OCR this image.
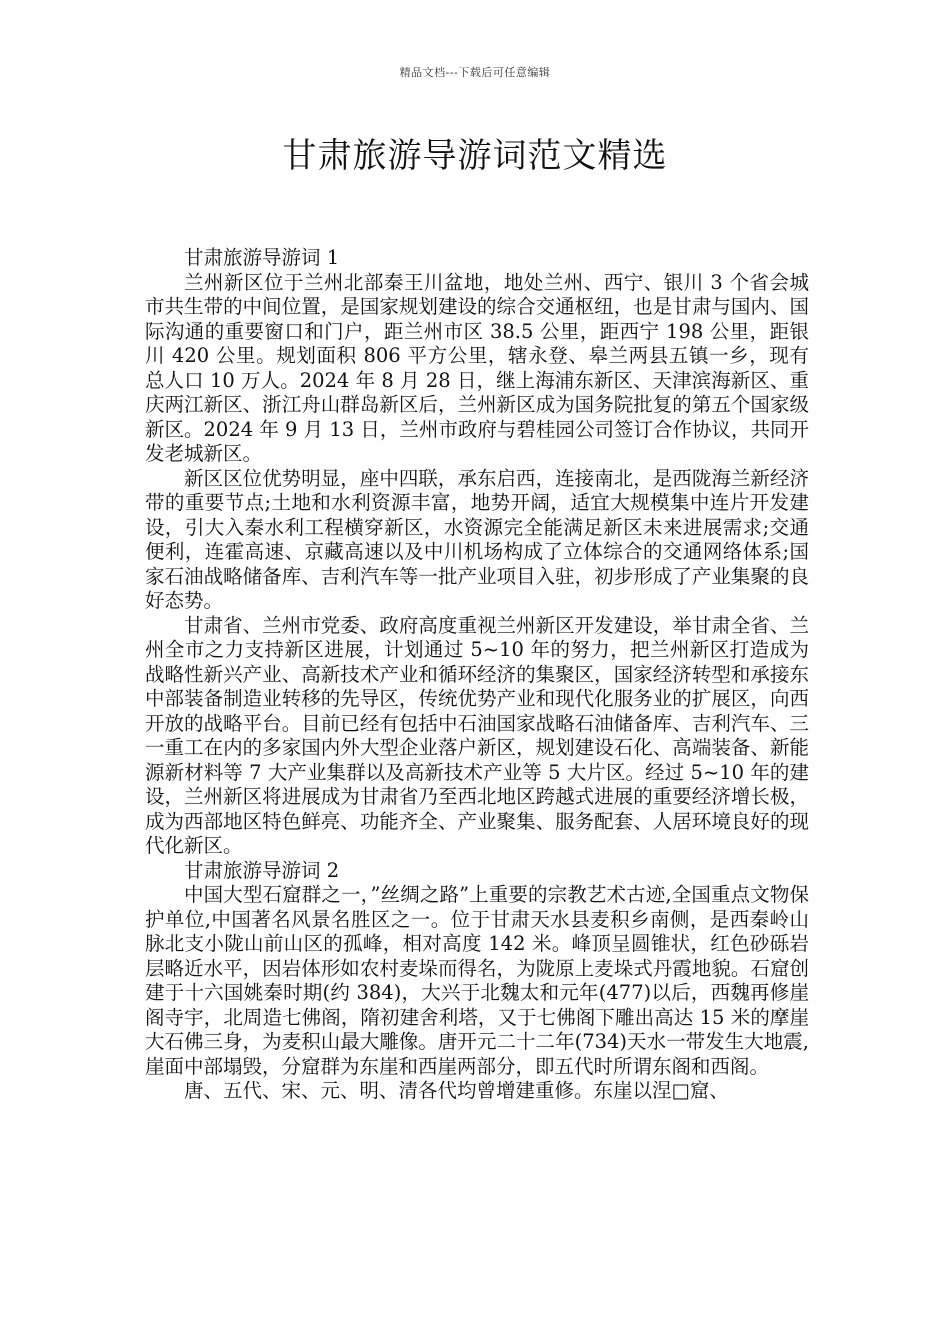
精品文档---下载后可任意编辑
甘肃旅游导游词范文精选

甘肃旅游导游词 1

兰州新区位于兰州北部秦王川盆地，地处兰州、西宁、银川 3 个省会城市共生带的中间位置，是国家规划建设的综合交通枢纽，也是甘肃与国内、国际沟通的重要窗口和门户，距兰州市区 38.5 公里，距西宁 198 公里，距银川 420 公里。规划面积 806 平方公里，辖永登、皋兰两县五镇一乡，现有总人口 10 万人。2024 年 8 月 28 日，继上海浦东新区、天津滨海新区、重庆两江新区、浙江舟山群岛新区后，兰州新区成为国务院批复的第五个国家级新区。2024 年 9 月 13 日，兰州市政府与碧桂园公司签订合作协议，共同开发老城新区。

新区区位优势明显，座中四联，承东启西，连接南北，是西陇海兰新经济带的重要节点;土地和水利资源丰富，地势开阔，适宜大规模集中连片开发建设，引大入秦水利工程横穿新区，水资源完全能满足新区未来进展需求;交通便利，连霍高速、京藏高速以及中川机场构成了立体综合的交通网络体系;国家石油战略储备库、吉利汽车等一批产业项目入驻，初步形成了产业集聚的良好态势。

甘肃省、兰州市党委、政府高度重视兰州新区开发建设，举甘肃全省、兰州全市之力支持新区进展，计划通过 5~10 年的努力，把兰州新区打造成为战略性新兴产业、高新技术产业和循环经济的集聚区，国家经济转型和承接东中部装备制造业转移的先导区，传统优势产业和现代化服务业的扩展区，向西开放的战略平台。目前已经有包括中石油国家战略石油储备库、吉利汽车、三一重工在内的多家国内外大型企业落户新区，规划建设石化、高端装备、新能源新材料等 7 大产业集群以及高新技术产业等 5 大片区。经过 5~10 年的建设，兰州新区将进展成为甘肃省乃至西北地区跨越式进展的重要经济增长极，成为西部地区特色鲜亮、功能齐全、产业聚集、服务配套、人居环境良好的现代化新区。

甘肃旅游导游词 2

中国大型石窟群之一，”丝绸之路”上重要的宗教艺术古迹,全国重点文物保护单位,中国著名风景名胜区之一。位于甘肃天水县麦积乡南侧，是西秦岭山脉北支小陇山前山区的孤峰，相对高度 142 米。峰顶呈圆锥状，红色砂砾岩层略近水平，因岩体形如农村麦垛而得名，为陇原上麦垛式丹霞地貌。石窟创建于十六国姚秦时期(约 384)，大兴于北魏太和元年(477)以后，西魏再修崖阁寺宇，北周造七佛阁，隋初建舍利塔，又于七佛阁下雕出高达 15 米的摩崖大石佛三身，为麦积山最大雕像。唐开元二十二年(734)天水一带发生大地震,崖面中部塌毁，分窟群为东崖和西崖两部分，即五代时所谓东阁和西阁。

唐、五代、宋、元、明、清各代均曾增建重修。东崖以涅□窟、
